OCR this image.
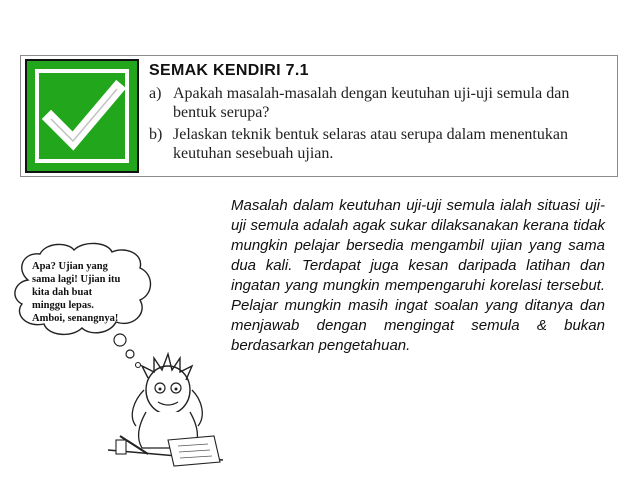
SEMAK KENDIRI 7.1
a) Apakah masalah-masalah dengan keutuhan uji-uji semula dan
bentuk serupa?
b) Jelaskan teknik bentuk selaras atau serupa dalam menentukan
keutuhan sesebuah ujian.
Masalah dalam keutuhan uji-uji semula ialah situasi uji-uji semula adalah agak sukar dilaksanakan kerana tidak mungkin pelajar bersedia mengambil ujian yang sama dua kali. Terdapat juga kesan daripada latihan dan ingatan yang mungkin mempengaruhi korelasi tersebut. Pelajar mungkin masih ingat soalan yang ditanya dan menjawab dengan mengingat semula & bukan berdasarkan pengetahuan.
Apa? Ujian yang
sama lagi! Ujian itu
kita dah buat
minggu lepas.
Amboi, senangnya!
